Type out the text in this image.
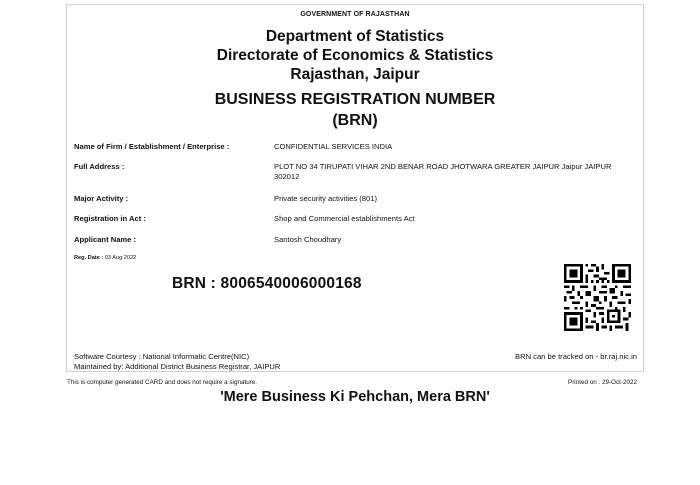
GOVERNMENT OF RAJASTHAN
Department of Statistics
Directorate of Economics & Statistics
Rajasthan, Jaipur
BUSINESS REGISTRATION NUMBER
(BRN)
Name of Firm / Establishment / Enterprise :	CONFIDENTIAL SERVICES INDIA
Full Address :	PLOT NO 34 TIRUPATI VIHAR 2ND BENAR ROAD JHOTWARA GREATER JAIPUR Jaipur JAIPUR 302012
Major Activity :	Private security activities (801)
Registration in Act :	Shop and Commercial establishments Act
Applicant Name :	Santosh Choudhary
Reg. Date : 03 Aug 2022
BRN : 8006540006000168
Software Courtesy : National Informatic Centre(NIC)
Maintained by: Additional District Business Registrar, JAIPUR
BRN can be tracked on - br.raj.nic.in
This is computer generated CARD and does not require a signature.	Printed on : 29-Oct-2022
'Mere Business Ki Pehchan, Mera BRN'
